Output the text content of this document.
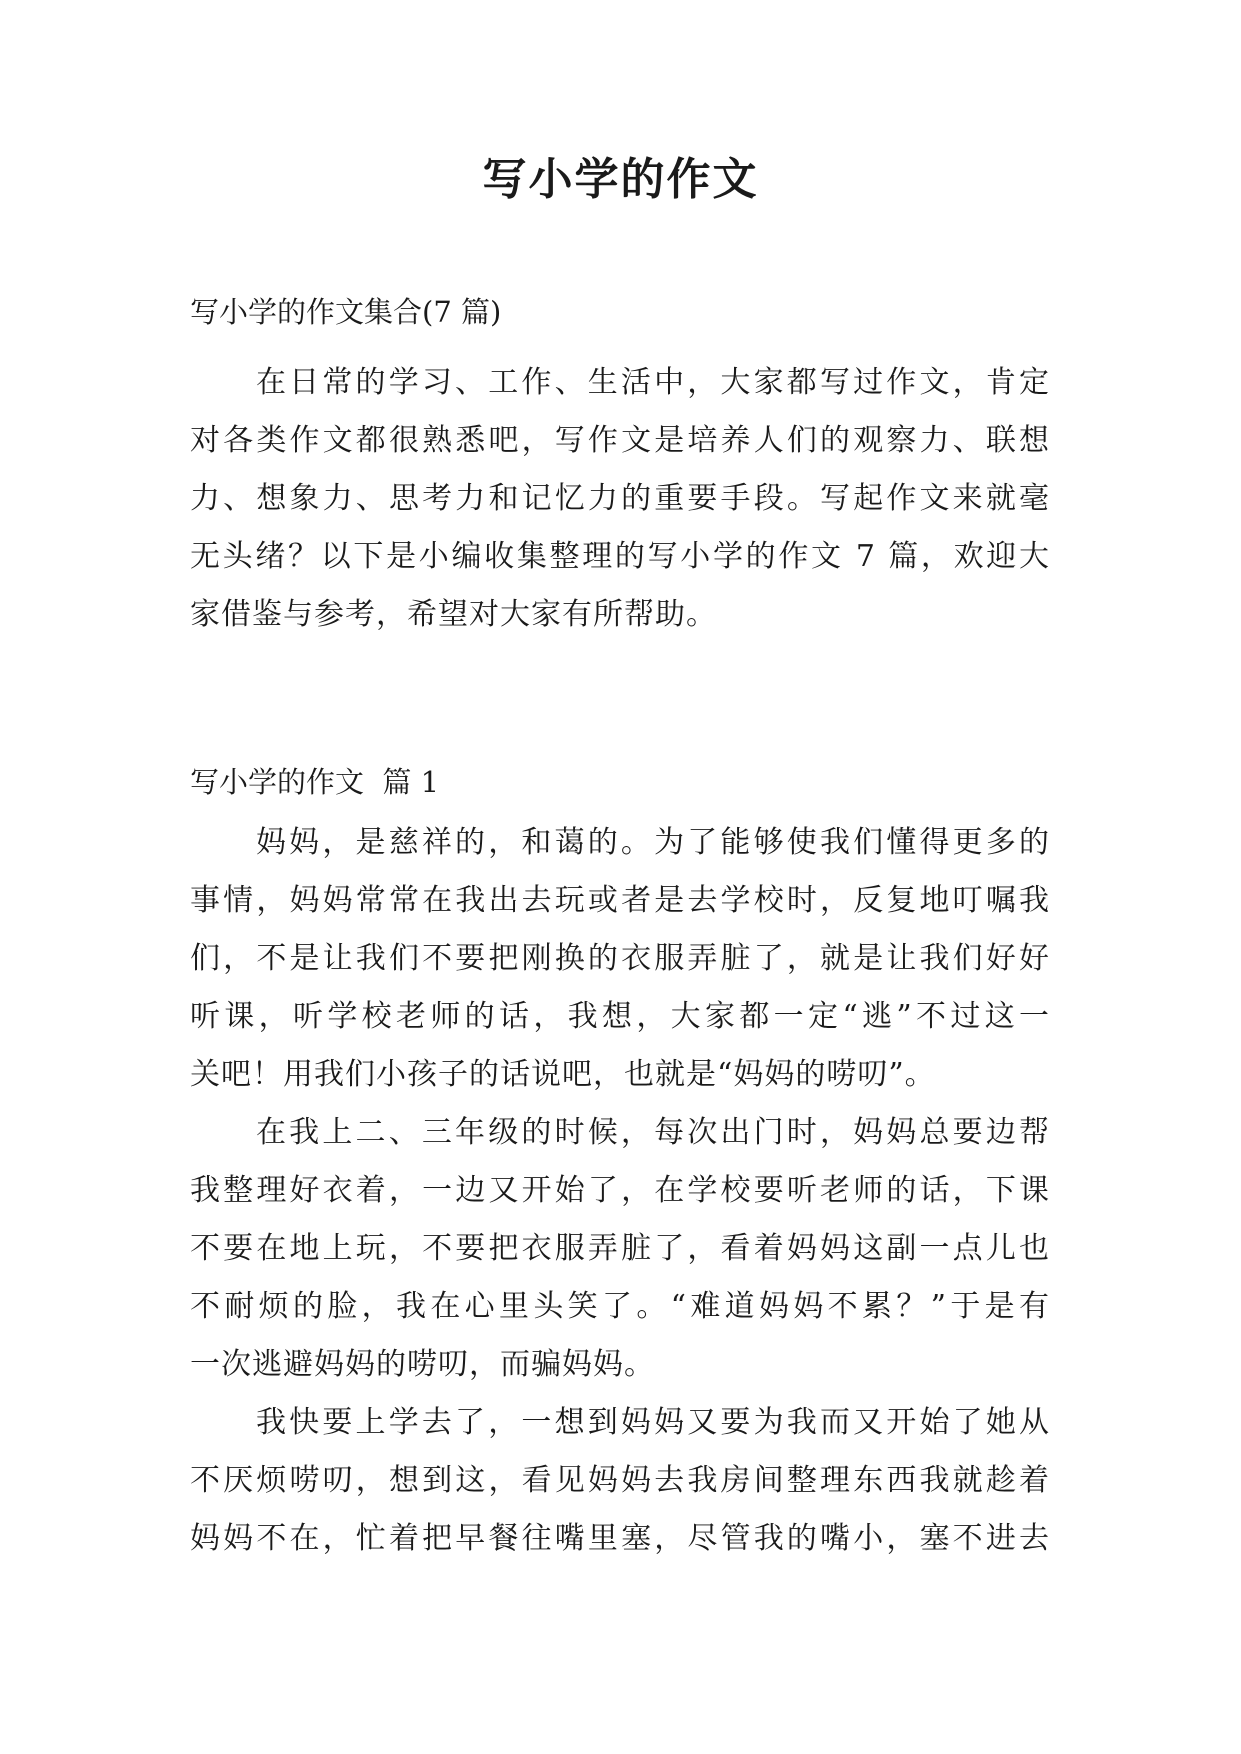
写小学的作文

写小学的作文集合(7 篇)

在日常的学习、工作、生活中，大家都写过作文，肯定
对各类作文都很熟悉吧，写作文是培养人们的观察力、联想
力、想象力、思考力和记忆力的重要手段。写起作文来就毫
无头绪？以下是小编收集整理的写小学的作文 7 篇，欢迎大
家借鉴与参考，希望对大家有所帮助。
写小学的作文  篇 1
妈妈，是慈祥的，和蔼的。为了能够使我们懂得更多的
事情，妈妈常常在我出去玩或者是去学校时，反复地叮嘱我
们，不是让我们不要把刚换的衣服弄脏了，就是让我们好好
听课，听学校老师的话，我想，大家都一定“逃”不过这一
关吧！用我们小孩子的话说吧，也就是“妈妈的唠叨”。
在我上二、三年级的时候，每次出门时，妈妈总要边帮
我整理好衣着，一边又开始了，在学校要听老师的话，下课
不要在地上玩，不要把衣服弄脏了，看着妈妈这副一点儿也
不耐烦的脸，我在心里头笑了。“难道妈妈不累？”于是有
一次逃避妈妈的唠叨，而骗妈妈。
我快要上学去了，一想到妈妈又要为我而又开始了她从
不厌烦唠叨，想到这，看见妈妈去我房间整理东西我就趁着
妈妈不在，忙着把早餐往嘴里塞，尽管我的嘴小，塞不进去
